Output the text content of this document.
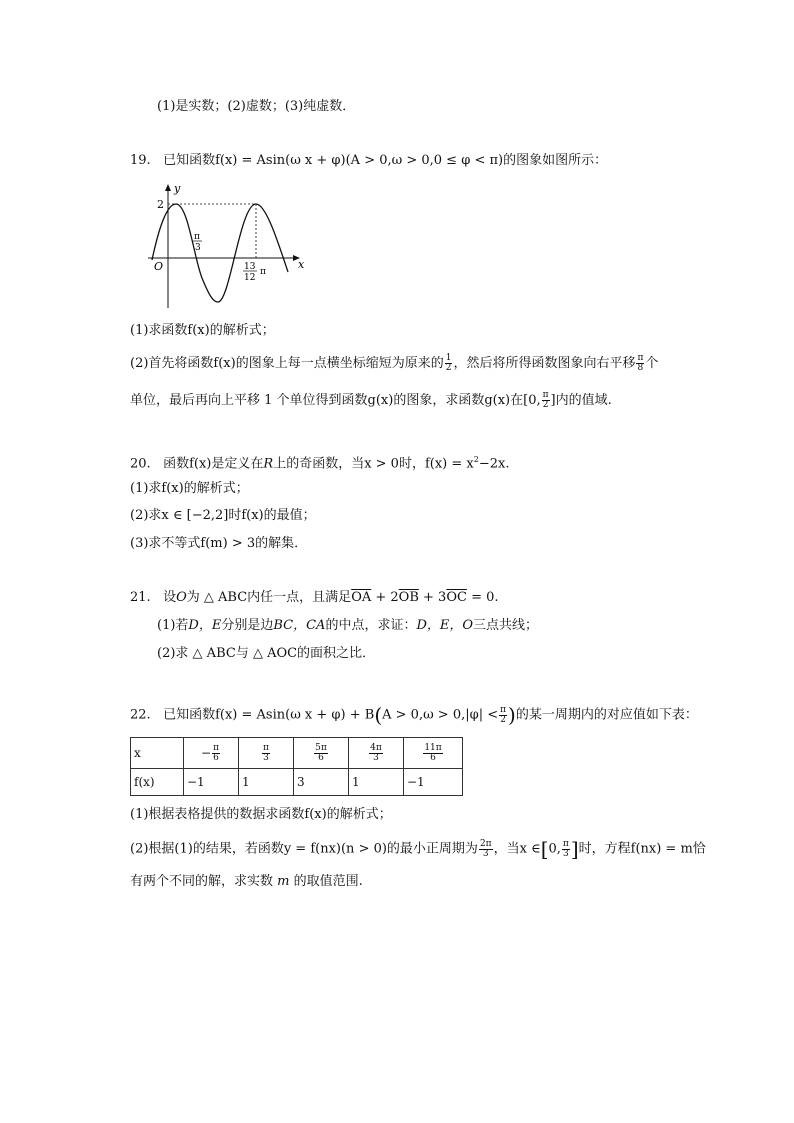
(1)是实数；(2)虚数；(3)纯虚数．
19. 已知函数f(x) = Asin(ω x + φ)(A > 0,ω > 0,0 ≤ φ < π)的图象如图所示：
y
x
O
2
π
3
13
12
π
(1)求函数f(x)的解析式；
(2)首先将函数f(x)的图象上每一点横坐标缩短为原来的 $\frac{1}{2}$ ，然后将所得函数图象向右平移 $\frac{\pi}{8}$ 个
单位，最后再向上平移 1 个单位得到函数g(x)的图象，求函数g(x)在[0, $\frac{\pi}{2}$ ]内的值域.
20. 函数f(x)是定义在R上的奇函数，当x > 0时，$f(x) = x^2-2x$.
(1)求f(x)的解析式；
(2)求x ∈ [−2,2]时f(x)的最值；
(3)求不等式f(m) > 3的解集．
21. 设O为 △ ABC内任一点，且满足$\overline{OA} + 2\overline{OB} + 3\overline{OC} = 0$.
(1)若D，E分别是边BC，CA的中点，求证：D，E，O三点共线；
(2)求 △ ABC与 △ AOC的面积之比．
22. 已知函数f(x) = Asin(ω $x + \varphi) + B(A > 0,\omega > 0,|\varphi| < \frac{\pi}{2}$ )的某一周期内的对应值如下表：
x	− $\frac{\pi}{6}$	$\frac{\pi}{3}$	$\frac{5\pi}{6}$	$\frac{4\pi}{3}$	$\frac{11\pi}{6}$

f(x)	−1	1	3	1	−1
(1)根据表格提供的数据求函数f(x)的解析式；
(2)根据(1)的结果，若函数y = f(nx)(n > 0)的最小正周期为 $\frac{2\pi}{3}$ ，当x ∈[0, $\frac{\pi}{3}$ ]时，方程f(nx) = m恰
有两个不同的解，求实数 m 的取值范围.
